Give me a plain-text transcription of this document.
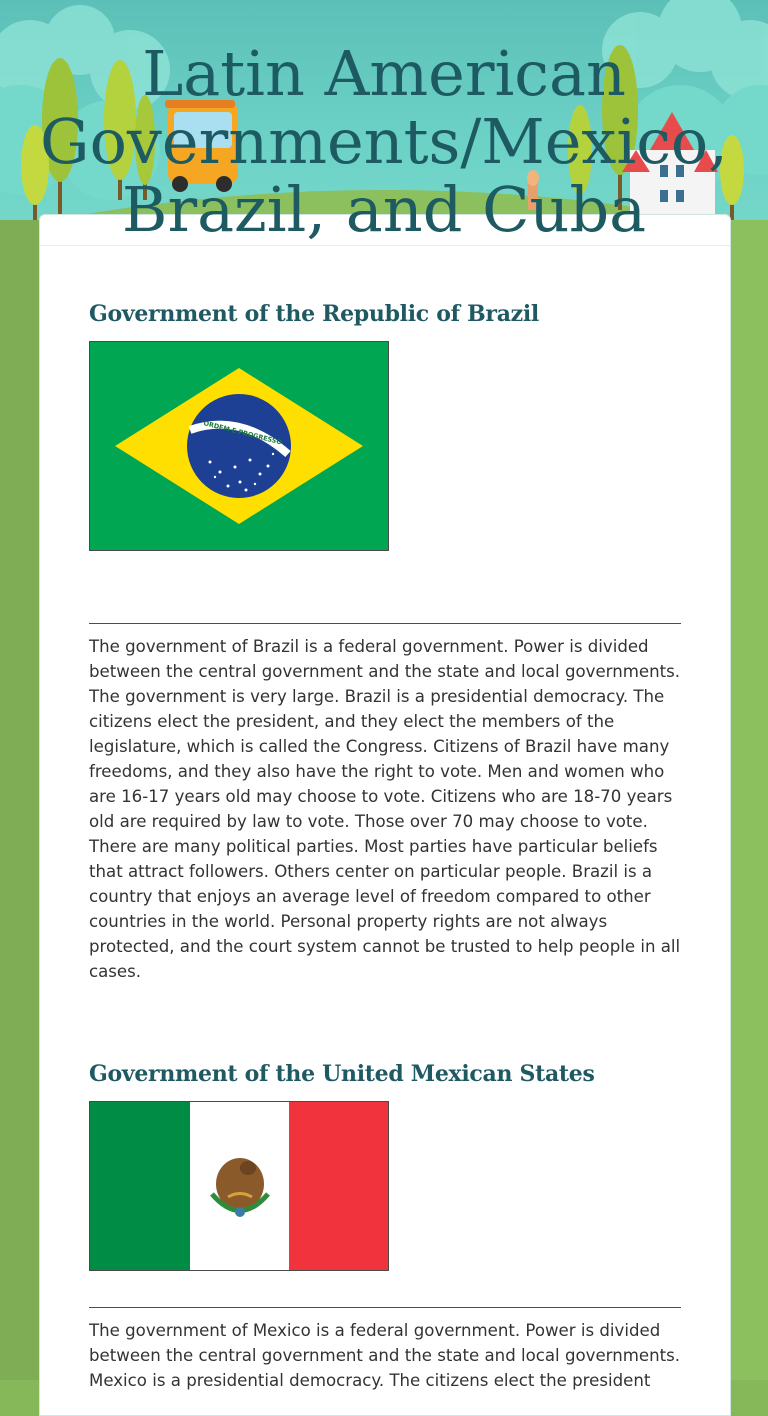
Latin American Governments/Mexico, Brazil, and Cuba
Government of the Republic of Brazil
ORDEM E PROGRESSO

The government of Brazil is a federal government. Power is divided between the central government and the state and local governments. The government is very large. Brazil is a presidential democracy. The citizens elect the president, and they elect the members of the legislature, which is called the Congress. Citizens of Brazil have many freedoms, and they also have the right to vote. Men and women who are 16-17 years old may choose to vote. Citizens who are 18-70 years old are required by law to vote. Those over 70 may choose to vote. There are many political parties. Most parties have particular beliefs that attract followers. Others center on particular people. Brazil is a country that enjoys an average level of freedom compared to other countries in the world. Personal property rights are not always protected, and the court system cannot be trusted to help people in all cases.

Government of the United Mexican States

The government of Mexico is a federal government. Power is divided between the central government and the state and local governments. Mexico is a presidential democracy. The citizens elect the president
